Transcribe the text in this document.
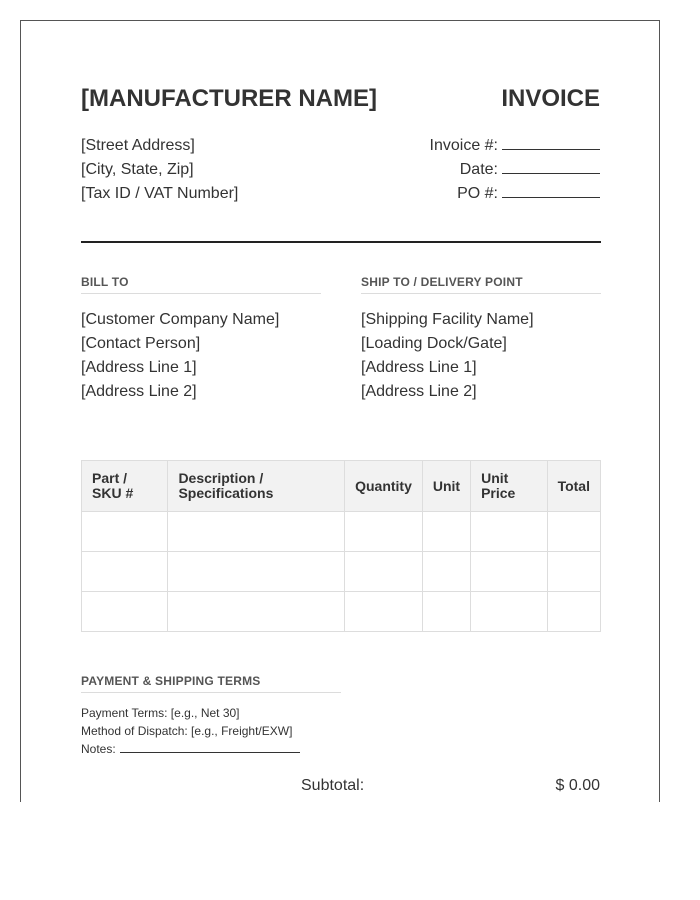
[MANUFACTURER NAME]	INVOICE
[Street Address]
[City, State, Zip]
[Tax ID / VAT Number]
Invoice #:
Date:
PO #:
BILL TO	SHIP TO / DELIVERY POINT
[Customer Company Name]
[Contact Person]
[Address Line 1]
[Address Line 2]
[Shipping Facility Name]
[Loading Dock/Gate]
[Address Line 1]
[Address Line 2]
Part / SKU #	Description / Specifications	Quantity	Unit	Unit Price	Total

PAYMENT & SHIPPING TERMS
Payment Terms: [e.g., Net 30]
Method of Dispatch: [e.g., Freight/EXW]
Notes:
Subtotal:	$ 0.00
